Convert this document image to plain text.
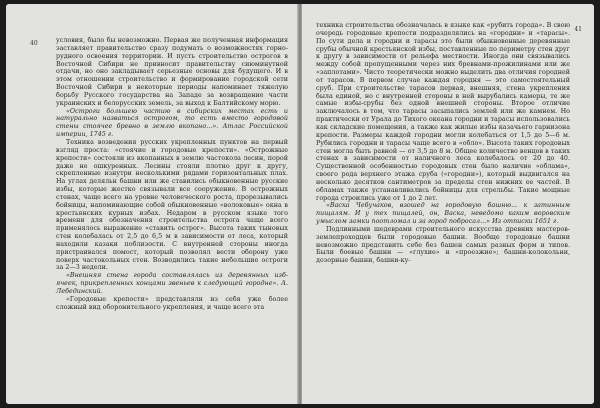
40	условия, было бы невозможно. Первая же полученная информация заставляет правительство сразу подумать о возможностях горно-рудного освоения территории. И пусть строительство острогов в Восточной Сибири не привносит правительству сиюминутной отдачи, но оно закладывает серьезные основы для будущего. И в этом отношении строительство и формирование городской сети Восточной Сибири в некоторые периоды напоминает тяжелую борьбу Русского государства на Западе за возвращение части украинских и белорусских земель, за выход к Балтийскому морю.

«Остроги большею частию в сибирских местах есть и натурально назваться острогом, то есть вместо городовой стены стоячее бревно в землю вкопано...». Атлас Российской империи, 1745 г.

Техника возведения русских укрепленных пунктов на первый взгляд проста: «стоячие и городовые крепости». «Острожные крепости» состояли из вкопанных в землю частокола лесин, порой даже не ошкуренных. Лесины стояли плотно друг к другу, скрепленные изнутри несколькими рядами горизонтальных плах. На углах деляльн башни или же ставились обыкновенные русские избы, которые жестко связывали все сооружение. В острожных стенах, чаще всего на уровне человеческого роста, прорезывались бойницы, напоминающие собой обыкновенные «волоковые» окна в крестьянских курных избах. Недаром в русском языке того времени для обозначения строительства острога чаще всего применялось выражение «ставить острог». Высота таких тыновых стен колебалась от 2,5 до 6,5 м в зависимости от леса, который находили казаки поблизости. С внутренней стороны иногда пристраивался помост, который позволял вести оборону уже поверх частокольных стен. Возводились такие небольшие остроги за 2—3 недели.

«Внешняя стена города составлялась из деревянных изб-ячеек, прикрепленных концами звеньев к следующей городне». А. Лебединский.

«Городовые крепости» представляли из себя уже более сложный вид оборонительного укрепления, и чаще всего эта

41

техника строительства обозначалась в языке как «рубить города». В свою очередь городовые крепости подразделялись на «городни» и «тарасы». По сути дела и городни и тарасы это были обыкновенные деревянные срубы обычной крестьянской избы, поставленные по периметру стен друг к другу в зависимости от рельефа местности. Иногда они связывались между собой пропущенными через них бревнами-прожилинами или же «заплотами». Чисто теоретически можно выделить два отличия городней от тарасов. В первом случае каждая городня — это самостоятельный сруб. При строительстве тарасов первая, внешняя, стена укрепления была единой, но с внутренней стороны в ней вырубались камеры, те же самые избы-срубы без одной внешней стороны. Второе отличие заключалось в том, что тарасы засыпались землей или же камнем. Но практически от Урала до Тихого океана городни и тарасы использовались как складские помещения, а также как жилые избы казачьего гарнизона крепости. Размеры каждой городни могли колебаться от 1,5 до 5—6 м. Рубились городни и тарасы чаще всего в «обло». Высота таких городовых стен могла быть равной — от 3,5 до 8 м. Общее количество венцов в таких стенах в зависимости от наличного леса колебалось от 20 до 40. Существенной особенностью городовых стен было наличие «облама», своего рода верхнего этажа сруба («городни»), который выдвигался на несколько десятков сантиметров за пределы стен нижних ее частей. В обламах также устанавливались бойницы для стрельбы. Такие мощные города строились уже от 1 до 2 лет.

«Васка Чебучаков, взошед на городовую башню... к затинным пищалям. И у тех пищалей, он, Васка, неведомо каким воровским умыслом замки поотломал и за город побросал...» Из отписки 1651 г.

Подлинными шедеврами строительного искусства древних мастеров-землепроходцев были городовые башни. Вообще городовые башни невозможно представить себе без башен самых разных форм и типов. Были боевые башни — «глухие» и «проезжие»; башни-колокольни, дозорные башни, башни-ку-
